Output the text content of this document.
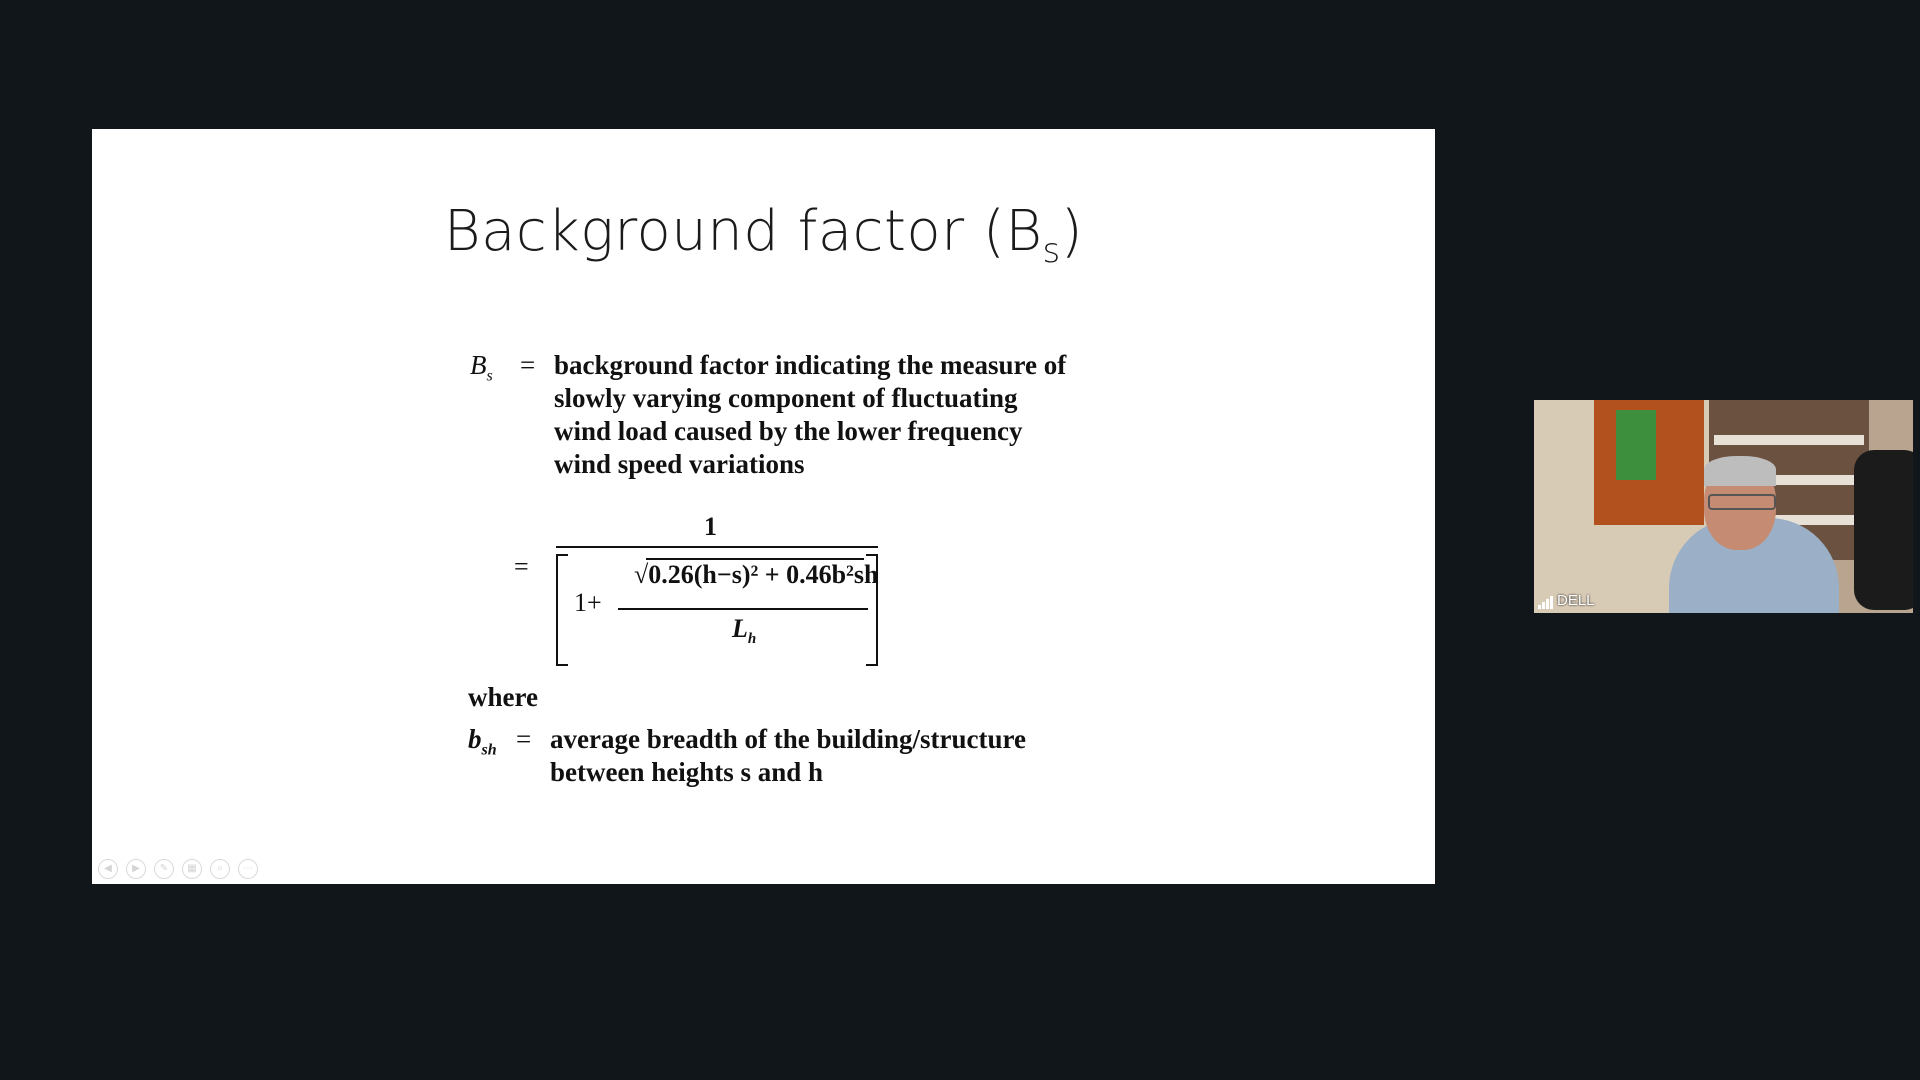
Background factor $(B_s)$
$B_s$ = background factor indicating the measure of
slowly varying component of fluctuating
wind load caused by the lower frequency
wind speed variations
=
1
1+
√0.26(h−s)² + 0.46b²sh
$L_h$
where
$b_{sh}$ = average breadth of the building/structure
between heights s and h
◀	▶	✎	▦	⌕	⋯
DELL
